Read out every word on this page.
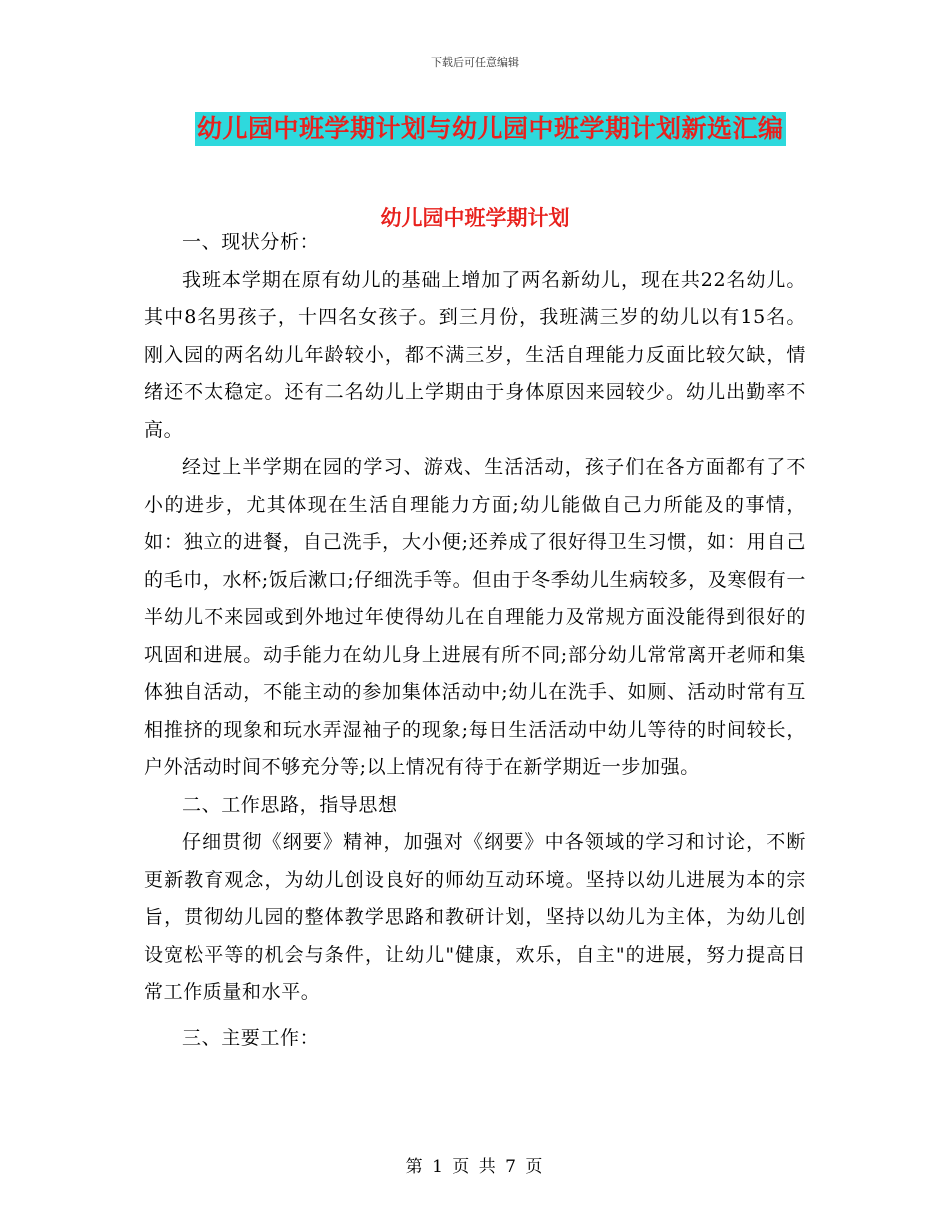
下载后可任意编辑
幼儿园中班学期计划与幼儿园中班学期计划新选汇编
幼儿园中班学期计划

一、现状分析：

我班本学期在原有幼儿的基础上增加了两名新幼儿，现在共22名幼儿。其中8名男孩子，十四名女孩子。到三月份，我班满三岁的幼儿以有15名。刚入园的两名幼儿年龄较小，都不满三岁，生活自理能力反面比较欠缺，情绪还不太稳定。还有二名幼儿上学期由于身体原因来园较少。幼儿出勤率不高。

经过上半学期在园的学习、游戏、生活活动，孩子们在各方面都有了不小的进步，尤其体现在生活自理能力方面;幼儿能做自己力所能及的事情，如：独立的进餐，自己洗手，大小便;还养成了很好得卫生习惯，如：用自己的毛巾，水杯;饭后漱口;仔细洗手等。但由于冬季幼儿生病较多，及寒假有一半幼儿不来园或到外地过年使得幼儿在自理能力及常规方面没能得到很好的巩固和进展。动手能力在幼儿身上进展有所不同;部分幼儿常常离开老师和集体独自活动，不能主动的参加集体活动中;幼儿在洗手、如厕、活动时常有互相推挤的现象和玩水弄湿袖子的现象;每日生活活动中幼儿等待的时间较长，户外活动时间不够充分等;以上情况有待于在新学期近一步加强。

二、工作思路，指导思想

仔细贯彻《纲要》精神，加强对《纲要》中各领域的学习和讨论，不断更新教育观念，为幼儿创设良好的师幼互动环境。坚持以幼儿进展为本的宗旨，贯彻幼儿园的整体教学思路和教研计划，坚持以幼儿为主体，为幼儿创设宽松平等的机会与条件，让幼儿"健康，欢乐，自主"的进展，努力提高日常工作质量和水平。

三、主要工作：

第 1 页 共 7 页
